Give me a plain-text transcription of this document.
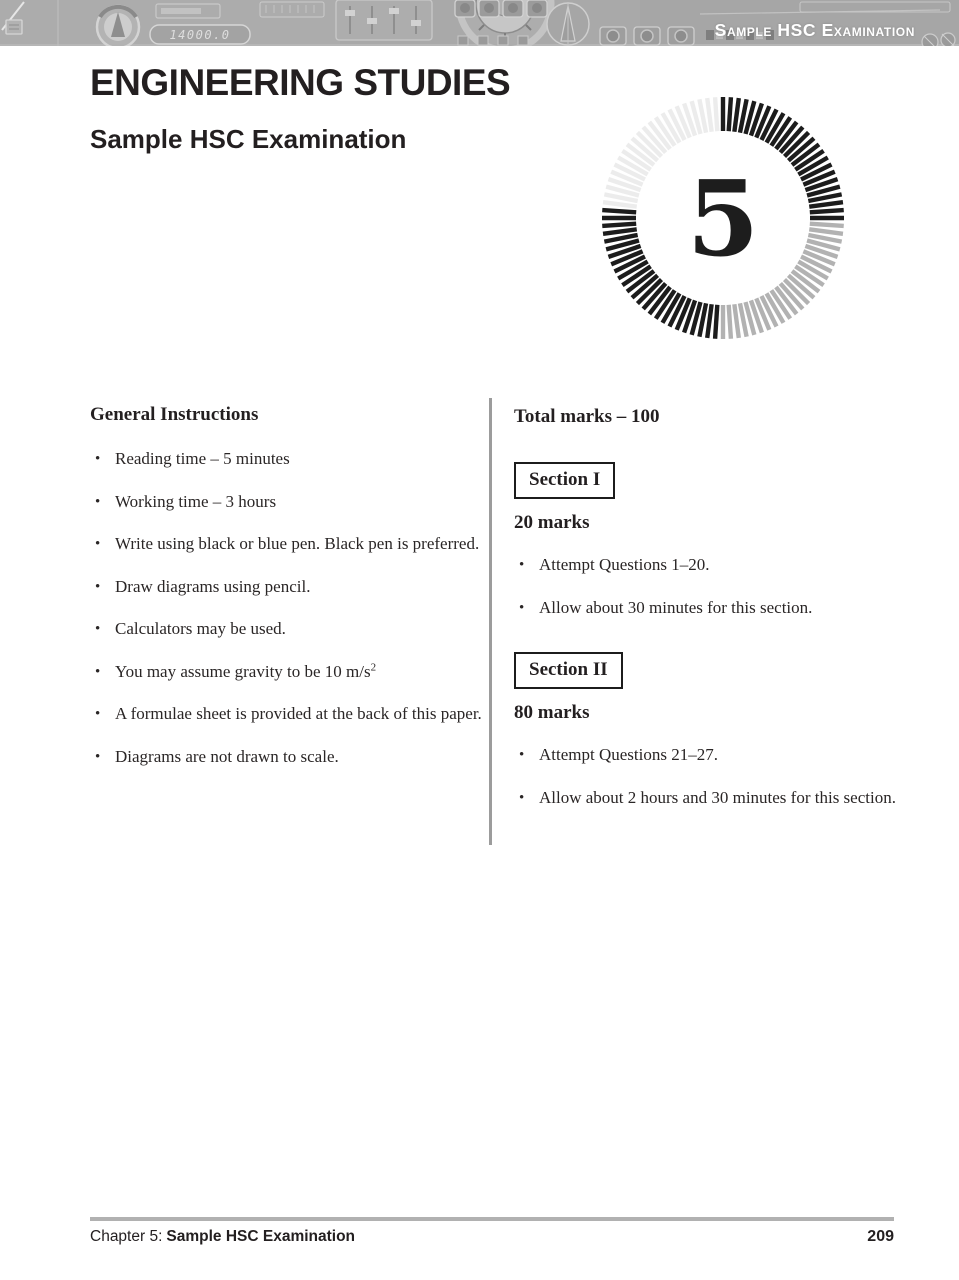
14000.0	Sample HSC Examination
ENGINEERING STUDIES
Sample HSC Examination
5
General Instructions
• Reading time – 5 minutes
• Working time – 3 hours
• Write using black or blue pen. Black pen is preferred.
• Draw diagrams using pencil.
• Calculators may be used.
• You may assume gravity to be 10 $m/s^2$
• A formulae sheet is provided at the back of this paper.
• Diagrams are not drawn to scale.
Total marks – 100
Section I
20 marks
• Attempt Questions 1–20.
• Allow about 30 minutes for this section.
Section II
80 marks
• Attempt Questions 21–27.
• Allow about 2 hours and 30 minutes for this section.
Chapter 5: Sample HSC Examination	209
